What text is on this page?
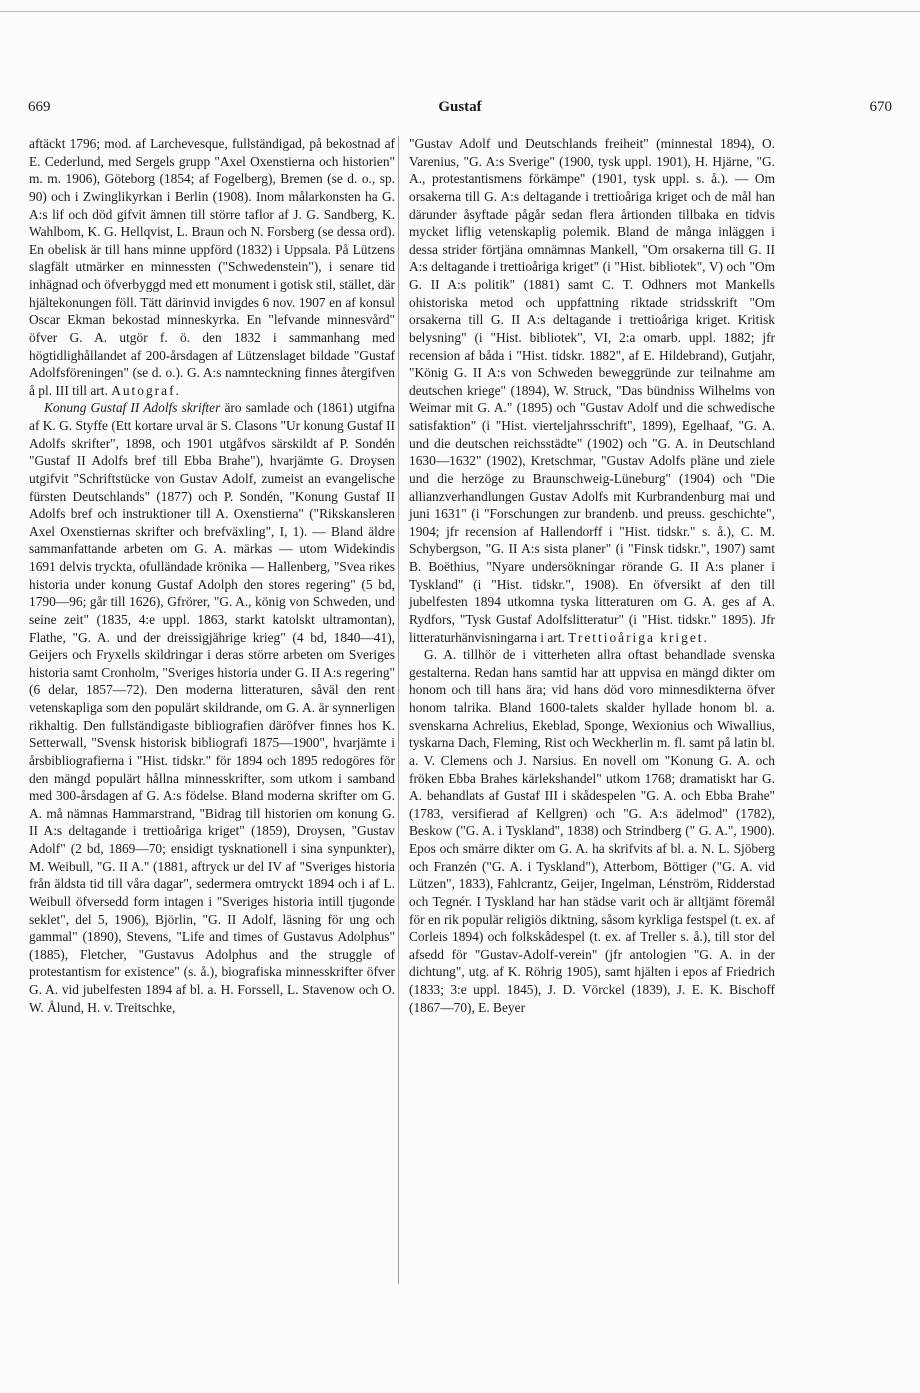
669	Gustaf	670

aftäckt 1796; mod. af Larchevesque, fullständigad, på bekostnad af E. Cederlund, med Sergels grupp "Axel Oxenstierna och historien" m. m. 1906), Göteborg (1854; af Fogelberg), Bremen (se d. o., sp. 90) och i Zwinglikyrkan i Berlin (1908). Inom målarkonsten ha G. A:s lif och död gifvit ämnen till större taflor af J. G. Sandberg, K. Wahlbom, K. G. Hellqvist, L. Braun och N. Forsberg (se dessa ord). En obelisk är till hans minne uppförd (1832) i Uppsala. På Lützens slagfält utmärker en minnessten ("Schwedenstein"), i senare tid inhägnad och öfverbyggd med ett monument i gotisk stil, stället, där hjältekonungen föll. Tätt därinvid invigdes 6 nov. 1907 en af konsul Oscar Ekman bekostad minneskyrka. En "lefvande minnesvård" öfver G. A. utgör f. ö. den 1832 i sammanhang med högtidlighållandet af 200-årsdagen af Lützenslaget bildade "Gustaf Adolfsföreningen" (se d. o.). G. A:s namnteckning finnes återgifven å pl. III till art. Autograf.

Konung Gustaf II Adolfs skrifter äro samlade och (1861) utgifna af K. G. Styffe (Ett kortare urval är S. Clasons "Ur konung Gustaf II Adolfs skrifter", 1898, och 1901 utgåfvos särskildt af P. Sondén "Gustaf II Adolfs bref till Ebba Brahe"), hvarjämte G. Droysen utgifvit "Schriftstücke von Gustav Adolf, zumeist an evangelische fürsten Deutschlands" (1877) och P. Sondén, "Konung Gustaf II Adolfs bref och instruktioner till A. Oxenstierna" ("Rikskansleren Axel Oxenstiernas skrifter och brefväxling", I, 1). — Bland äldre sammanfattande arbeten om G. A. märkas — utom Widekindis 1691 delvis tryckta, ofulländade krönika — Hallenberg, "Svea rikes historia under konung Gustaf Adolph den stores regering" (5 bd, 1790—96; går till 1626), Gfrörer, "G. A., könig von Schweden, und seine zeit" (1835, 4:e uppl. 1863, starkt katolskt ultramontan), Flathe, "G. A. und der dreissigjährige krieg" (4 bd, 1840—41), Geijers och Fryxells skildringar i deras större arbeten om Sveriges historia samt Cronholm, "Sveriges historia under G. II A:s regering" (6 delar, 1857—72). Den moderna litteraturen, såväl den rent vetenskapliga som den populärt skildrande, om G. A. är synnerligen rikhaltig. Den fullständigaste bibliografien däröfver finnes hos K. Setterwall, "Svensk historisk bibliografi 1875—1900", hvarjämte i årsbibliografierna i "Hist. tidskr." för 1894 och 1895 redogöres för den mängd populärt hållna minnesskrifter, som utkom i samband med 300-årsdagen af G. A:s födelse. Bland moderna skrifter om G. A. må nämnas Hammarstrand, "Bidrag till historien om konung G. II A:s deltagande i trettioåriga kriget" (1859), Droysen, "Gustav Adolf" (2 bd, 1869—70; ensidigt tysknationell i sina synpunkter), M. Weibull, "G. II A." (1881, aftryck ur del IV af "Sveriges historia från äldsta tid till våra dagar", sedermera omtryckt 1894 och i af L. Weibull öfversedd form intagen i "Sveriges historia intill tjugonde seklet", del 5, 1906), Björlin, "G. II Adolf, läsning för ung och gammal" (1890), Stevens, "Life and times of Gustavus Adolphus" (1885), Fletcher, "Gustavus Adolphus and the struggle of protestantism for existence" (s. å.), biografiska minnesskrifter öfver G. A. vid jubelfesten 1894 af bl. a. H. Forssell, L. Stavenow och O. W. Ålund, H. v. Treitschke,

"Gustav Adolf und Deutschlands freiheit" (minnestal 1894), O. Varenius, "G. A:s Sverige" (1900, tysk uppl. 1901), H. Hjärne, "G. A., protestantismens förkämpe" (1901, tysk uppl. s. å.). — Om orsakerna till G. A:s deltagande i trettioåriga kriget och de mål han därunder åsyftade pågår sedan flera årtionden tillbaka en tidvis mycket liflig vetenskaplig polemik. Bland de många inläggen i dessa strider förtjäna omnämnas Mankell, "Om orsakerna till G. II A:s deltagande i trettioåriga kriget" (i "Hist. bibliotek", V) och "Om G. II A:s politik" (1881) samt C. T. Odhners mot Mankells ohistoriska metod och uppfattning riktade stridsskrift "Om orsakerna till G. II A:s deltagande i trettioåriga kriget. Kritisk belysning" (i "Hist. bibliotek", VI, 2:a omarb. uppl. 1882; jfr recension af båda i "Hist. tidskr. 1882", af E. Hildebrand), Gutjahr, "König G. II A:s von Schweden beweggründe zur teilnahme am deutschen kriege" (1894), W. Struck, "Das bündniss Wilhelms von Weimar mit G. A." (1895) och "Gustav Adolf und die schwedische satisfaktion" (i "Hist. vierteljahrsschrift", 1899), Egelhaaf, "G. A. und die deutschen reichsstädte" (1902) och "G. A. in Deutschland 1630—1632" (1902), Kretschmar, "Gustav Adolfs pläne und ziele und die herzöge zu Braunschweig-Lüneburg" (1904) och "Die allianzverhandlungen Gustav Adolfs mit Kurbrandenburg mai und juni 1631" (i "Forschungen zur brandenb. und preuss. geschichte", 1904; jfr recension af Hallendorff i "Hist. tidskr." s. å.), C. M. Schybergson, "G. II A:s sista planer" (i "Finsk tidskr.", 1907) samt B. Boëthius, "Nyare undersökningar rörande G. II A:s planer i Tyskland" (i "Hist. tidskr.", 1908). En öfversikt af den till jubelfesten 1894 utkomna tyska litteraturen om G. A. ges af A. Rydfors, "Tysk Gustaf Adolfslitteratur" (i "Hist. tidskr." 1895). Jfr litteraturhänvisningarna i art. Trettioåriga kriget.

G. A. tillhör de i vitterheten allra oftast behandlade svenska gestalterna. Redan hans samtid har att uppvisa en mängd dikter om honom och till hans ära; vid hans död voro minnesdikterna öfver honom talrika. Bland 1600-talets skalder hyllade honom bl. a. svenskarna Achrelius, Ekeblad, Sponge, Wexionius och Wiwallius, tyskarna Dach, Fleming, Rist och Weckherlin m. fl. samt på latin bl. a. V. Clemens och J. Narsius. En novell om "Konung G. A. och fröken Ebba Brahes kärlekshandel" utkom 1768; dramatiskt har G. A. behandlats af Gustaf III i skådespelen "G. A. och Ebba Brahe" (1783, versifierad af Kellgren) och "G. A:s ädelmod" (1782), Beskow ("G. A. i Tyskland", 1838) och Strindberg (" G. A.", 1900). Epos och smärre dikter om G. A. ha skrifvits af bl. a. N. L. Sjöberg och Franzén ("G. A. i Tyskland"), Atterbom, Böttiger ("G. A. vid Lützen", 1833), Fahlcrantz, Geijer, Ingelman, Lénström, Ridderstad och Tegnér. I Tyskland har han städse varit och är alltjämt föremål för en rik populär religiös diktning, såsom kyrkliga festspel (t. ex. af Corleis 1894) och folkskådespel (t. ex. af Treller s. å.), till stor del afsedd för "Gustav-Adolf-verein" (jfr antologien "G. A. in der dichtung", utg. af K. Röhrig 1905), samt hjälten i epos af Friedrich (1833; 3:e uppl. 1845), J. D. Vörckel (1839), J. E. K. Bischoff (1867—70), E. Beyer
